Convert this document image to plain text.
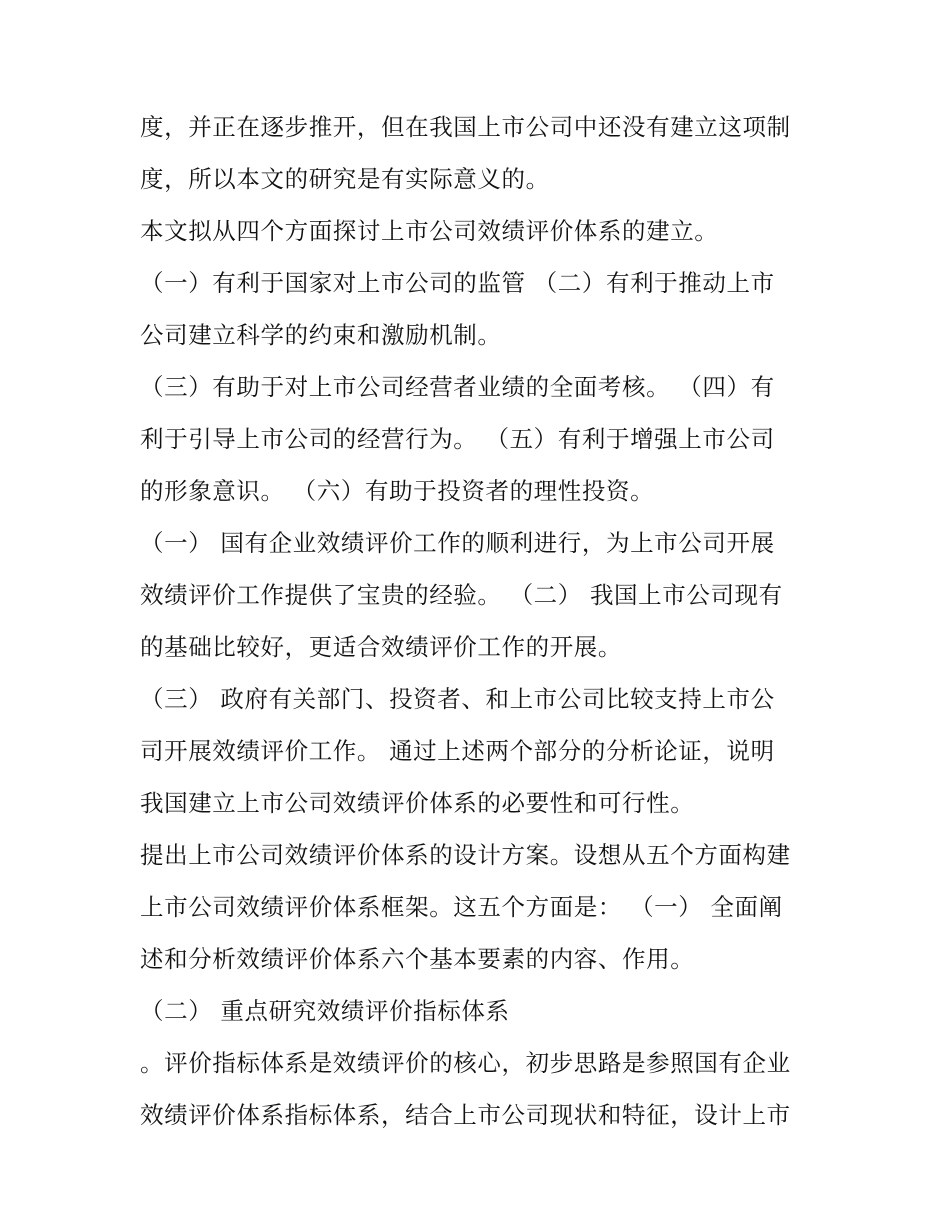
度，并正在逐步推开，但在我国上市公司中还没有建立这项制
度，所以本文的研究是有实际意义的。
本文拟从四个方面探讨上市公司效绩评价体系的建立。
（一）有利于国家对上市公司的监管 （二）有利于推动上市
公司建立科学的约束和激励机制。
（三）有助于对上市公司经营者业绩的全面考核。 （四）有
利于引导上市公司的经营行为。 （五）有利于增强上市公司
的形象意识。 （六）有助于投资者的理性投资。
（一） 国有企业效绩评价工作的顺利进行，为上市公司开展
效绩评价工作提供了宝贵的经验。 （二） 我国上市公司现有
的基础比较好，更适合效绩评价工作的开展。
（三） 政府有关部门、投资者、和上市公司比较支持上市公
司开展效绩评价工作。 通过上述两个部分的分析论证，说明
我国建立上市公司效绩评价体系的必要性和可行性。
提出上市公司效绩评价体系的设计方案。设想从五个方面构建
上市公司效绩评价体系框架。这五个方面是： （一） 全面阐
述和分析效绩评价体系六个基本要素的内容、作用。
（二） 重点研究效绩评价指标体系
。评价指标体系是效绩评价的核心，初步思路是参照国有企业
效绩评价体系指标体系，结合上市公司现状和特征，设计上市
